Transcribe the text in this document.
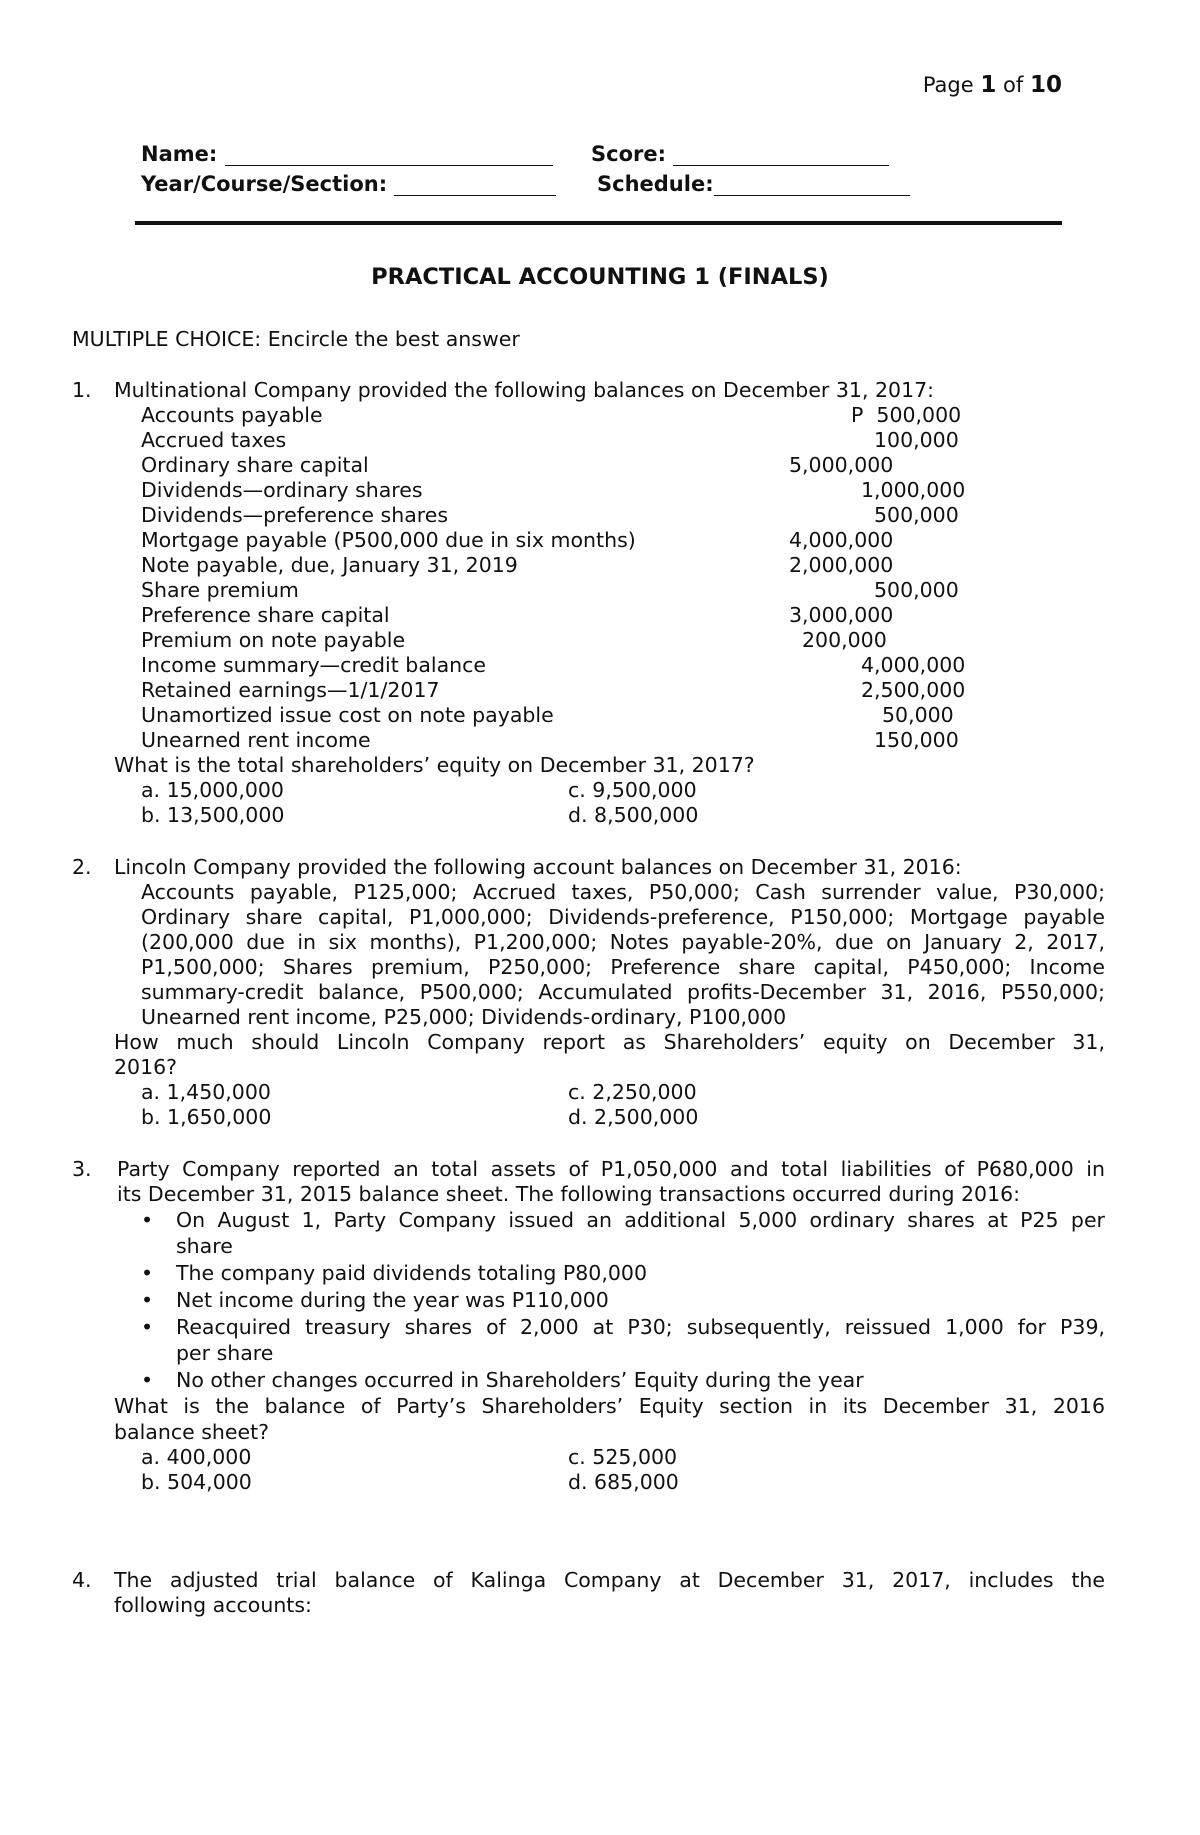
Page 1 of 10
Name:	Score:
Year/Course/Section:	Schedule:
PRACTICAL ACCOUNTING 1 (FINALS)
MULTIPLE CHOICE: Encircle the best answer
1. Multinational Company provided the following balances on December 31, 2017:
Accounts payable	P  500,000
Accrued taxes	100,000
Ordinary share capital	5,000,000
Dividends—ordinary shares	1,000,000
Dividends—preference shares	500,000
Mortgage payable (P500,000 due in six months)	4,000,000
Note payable, due, January 31, 2019	2,000,000
Share premium	500,000
Preference share capital	3,000,000
Premium on note payable	200,000
Income summary—credit balance	4,000,000
Retained earnings—1/1/2017	2,500,000
Unamortized issue cost on note payable	50,000
Unearned rent income	150,000
What is the total shareholders’ equity on December 31, 2017?
a. 15,000,000	c. 9,500,000
b. 13,500,000	d. 8,500,000
2. Lincoln Company provided the following account balances on December 31, 2016:
Accounts payable, P125,000; Accrued taxes, P50,000; Cash surrender value, P30,000;
Ordinary share capital, P1,000,000; Dividends-preference, P150,000; Mortgage payable
(200,000 due in six months), P1,200,000; Notes payable-20%, due on January 2, 2017,
P1,500,000; Shares premium, P250,000; Preference share capital, P450,000; Income
summary-credit balance, P500,000; Accumulated profits-December 31, 2016, P550,000;
Unearned rent income, P25,000; Dividends-ordinary, P100,000
How much should Lincoln Company report as Shareholders’ equity on December 31,
2016?
a. 1,450,000	c. 2,250,000
b. 1,650,000	d. 2,500,000
3. Party Company reported an total assets of P1,050,000 and total liabilities of P680,000 in
its December 31, 2015 balance sheet. The following transactions occurred during 2016:
• On August 1, Party Company issued an additional 5,000 ordinary shares at P25 per
share
• The company paid dividends totaling P80,000
• Net income during the year was P110,000
• Reacquired treasury shares of 2,000 at P30; subsequently, reissued 1,000 for P39,
per share
• No other changes occurred in Shareholders’ Equity during the year
What is the balance of Party’s Shareholders’ Equity section in its December 31, 2016
balance sheet?
a. 400,000	c. 525,000
b. 504,000	d. 685,000
4. The adjusted trial balance of Kalinga Company at December 31, 2017, includes the
following accounts:
